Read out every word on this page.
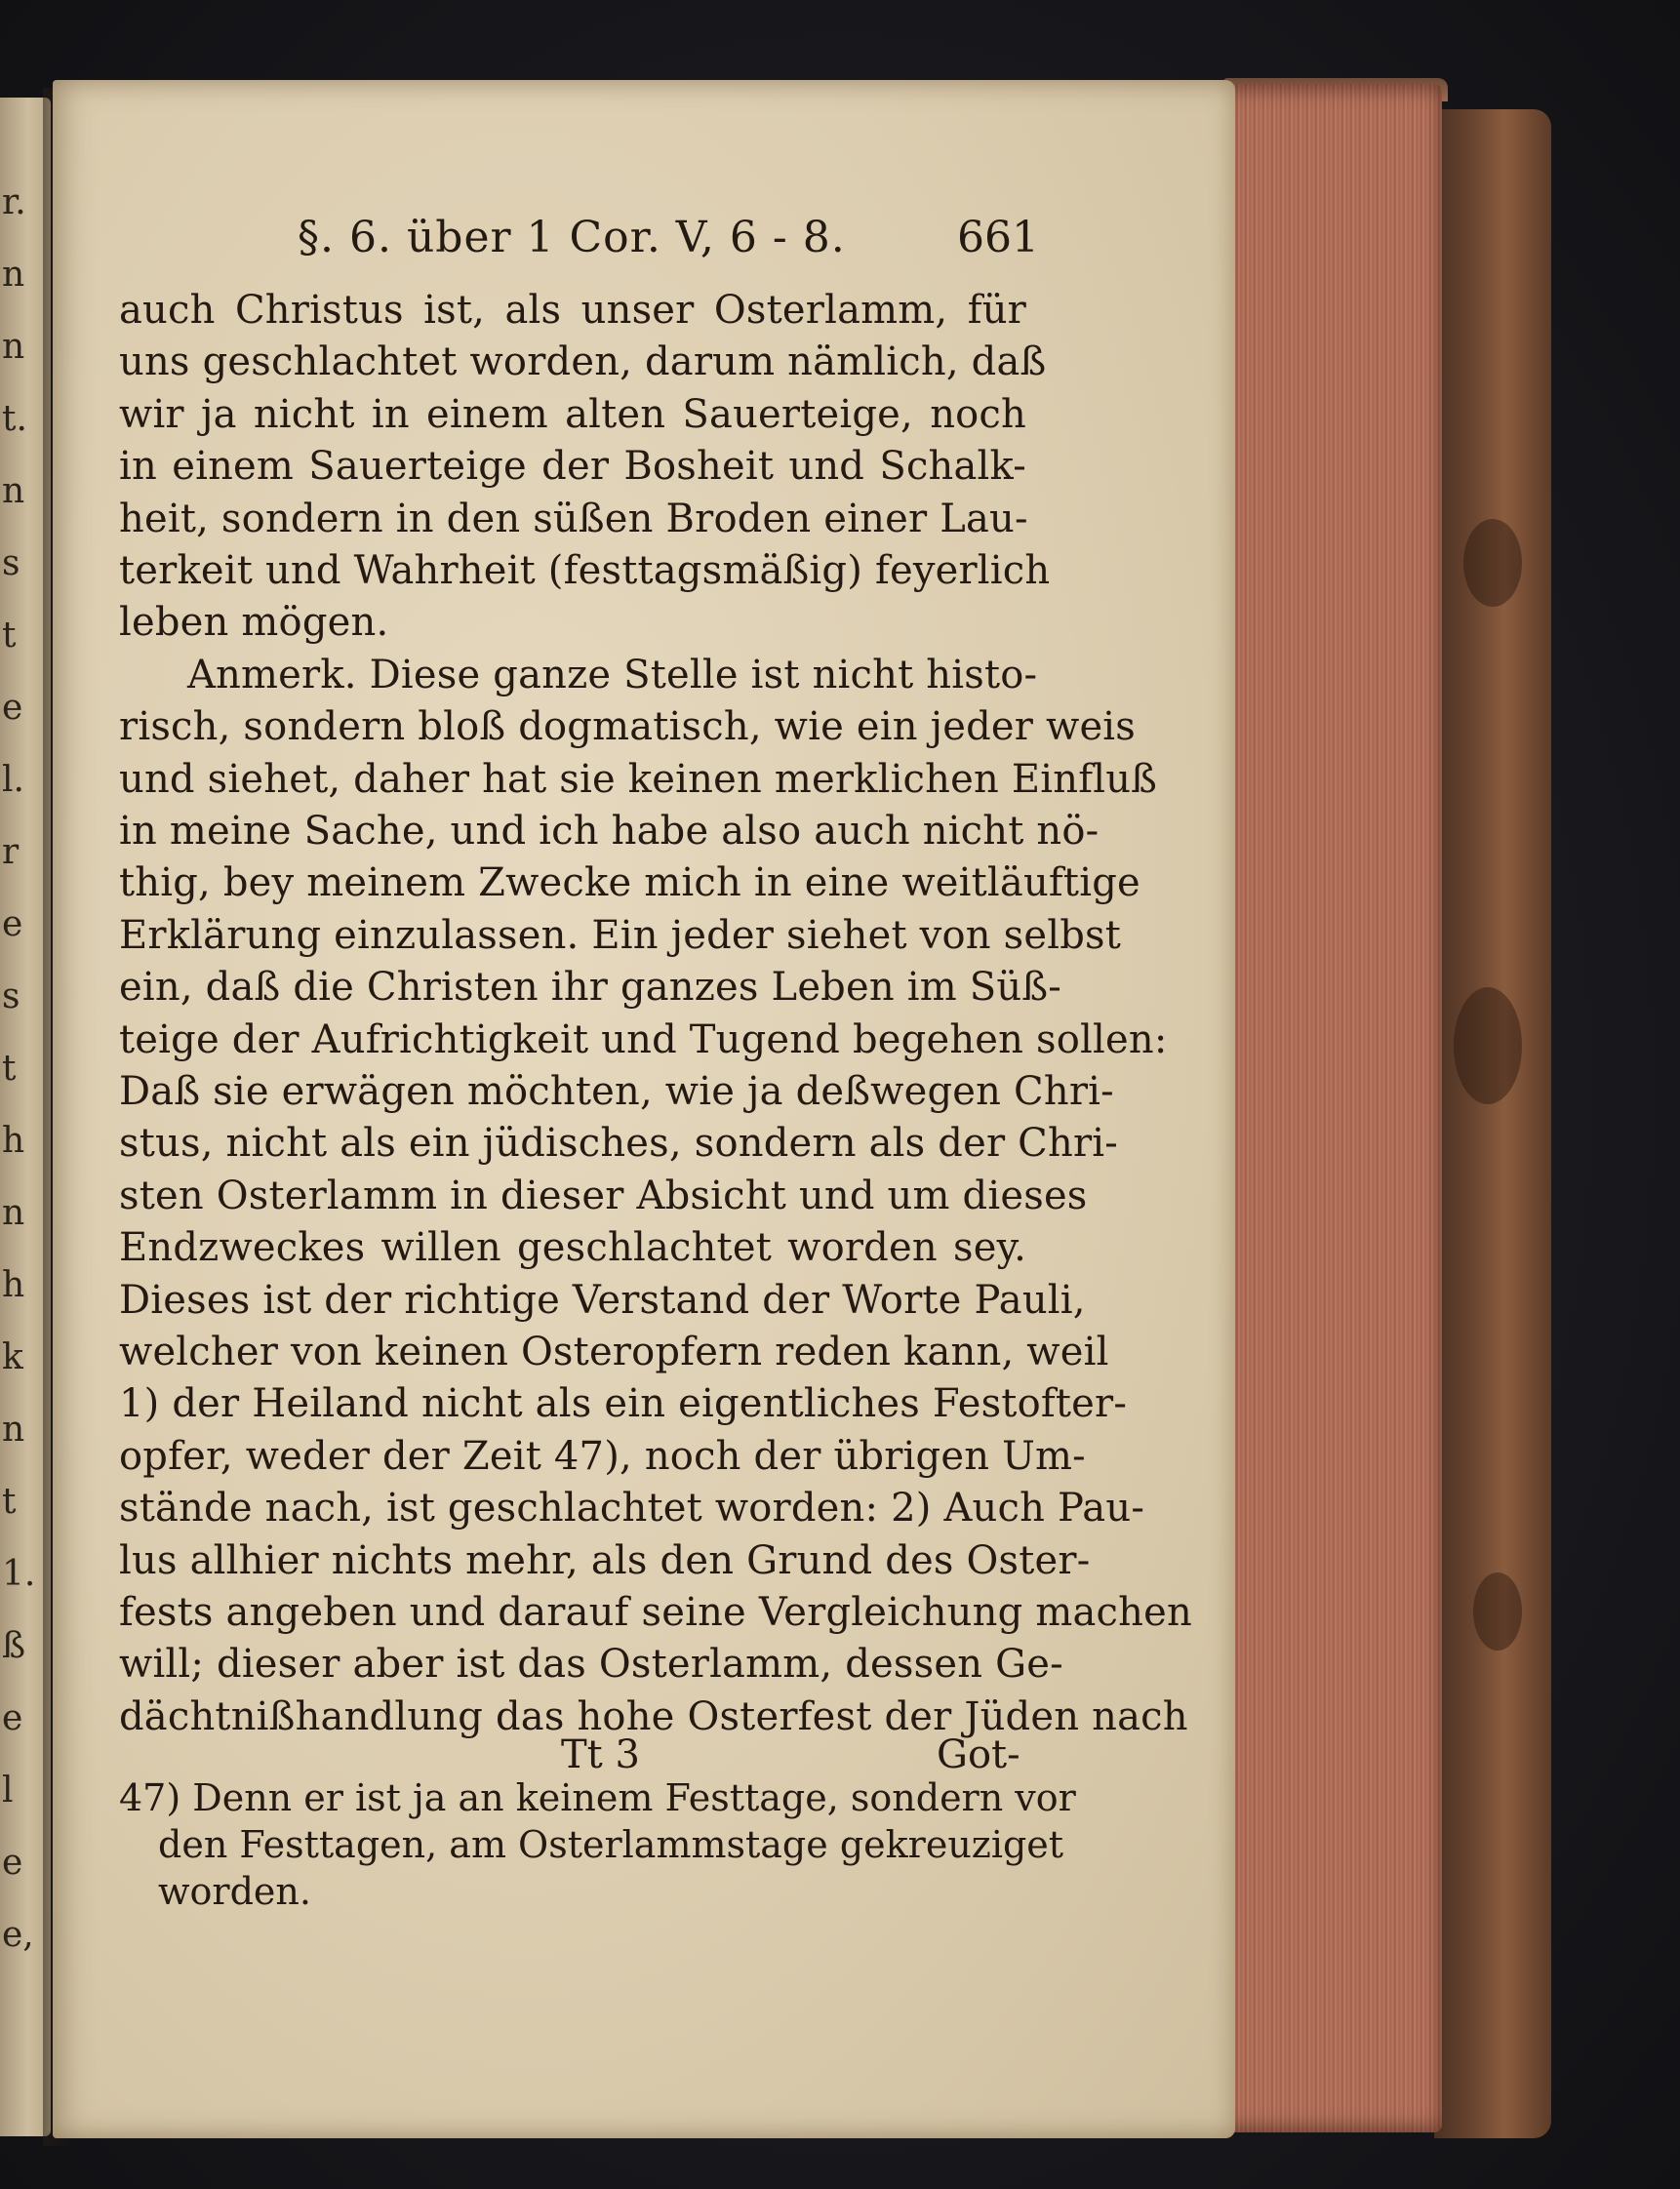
r.
n
n
t.
n
s
t
e
l.
r
e
s
t
h
n
h
k
n
t
1.
ß
e
l
e
e,
§. 6. über 1 Cor. V, 6 - 8.	661
auch Christus ist, als unser Osterlamm, für
uns geschlachtet worden, darum nämlich, daß
wir ja nicht in einem alten Sauerteige, noch
in einem Sauerteige der Bosheit und Schalk-
heit, sondern in den süßen Broden einer Lau-
terkeit und Wahrheit (festtagsmäßig) feyerlich
leben mögen.
Anmerk. Diese ganze Stelle ist nicht histo-
risch, sondern bloß dogmatisch, wie ein jeder weis
und siehet, daher hat sie keinen merklichen Einfluß
in meine Sache, und ich habe also auch nicht nö-
thig, bey meinem Zwecke mich in eine weitläuftige
Erklärung einzulassen. Ein jeder siehet von selbst
ein, daß die Christen ihr ganzes Leben im Süß-
teige der Aufrichtigkeit und Tugend begehen sollen:
Daß sie erwägen möchten, wie ja deßwegen Chri-
stus, nicht als ein jüdisches, sondern als der Chri-
sten Osterlamm in dieser Absicht und um dieses
Endzweckes willen geschlachtet worden sey.
Dieses ist der richtige Verstand der Worte Pauli,
welcher von keinen Osteropfern reden kann, weil
1) der Heiland nicht als ein eigentliches Festofter-
opfer, weder der Zeit 47), noch der übrigen Um-
stände nach, ist geschlachtet worden: 2) Auch Pau-
lus allhier nichts mehr, als den Grund des Oster-
fests angeben und darauf seine Vergleichung machen
will; dieser aber ist das Osterlamm, dessen Ge-
dächtnißhandlung das hohe Osterfest der Jüden nach
Tt 3	Got-
47) Denn er ist ja an keinem Festtage, sondern vor
den Festtagen, am Osterlammstage gekreuziget
worden.
